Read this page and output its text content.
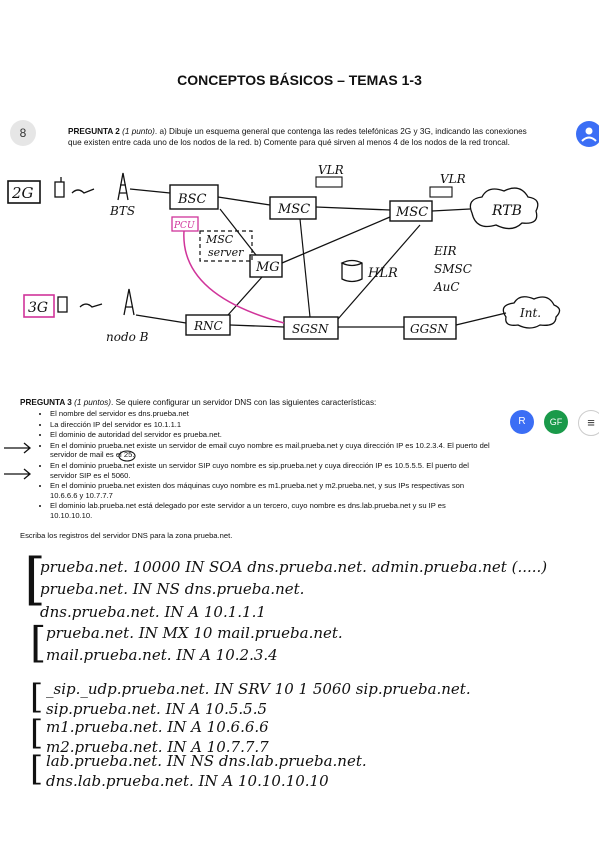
CONCEPTOS BÁSICOS – TEMAS 1-3
8	PREGUNTA 2 (1 punto). a) Dibuje un esquema general que contenga las redes telefónicas 2G y 3G, indicando las conexiones que existen entre cada uno de los nodos de la red. b) Comente para qué sirven al menos 4 de los nodos de la red troncal.
2G
BTS
BSC
PCU
MSC
VLR
MSC
VLR
RTB
MSC
server
MG	HLR
EIR
SMSC
AuC
3G
nodo B
RNC	SGSN	GGSN
Int.
R	GF	≡
PREGUNTA 3 (1 puntos). Se quiere configurar un servidor DNS con las siguientes características:
• El nombre del servidor es dns.prueba.net
• La dirección IP del servidor es 10.1.1.1
• El dominio de autoridad del servidor es prueba.net.
• En el dominio prueba.net existe un servidor de email cuyo nombre es mail.prueba.net y cuya dirección IP es 10.2.3.4. El puerto del servidor de mail es el 25.
• En el dominio prueba.net existe un servidor SIP cuyo nombre es sip.prueba.net y cuya dirección IP es 10.5.5.5. El puerto del servidor SIP es el 5060.
• En el dominio prueba.net existen dos máquinas cuyo nombre es m1.prueba.net y m2.prueba.net, y sus IPs respectivas son 10.6.6.6 y 10.7.7.7
• El dominio lab.prueba.net está delegado por este servidor a un tercero, cuyo nombre es dns.lab.prueba.net y su IP es 10.10.10.10.
Escriba los registros del servidor DNS para la zona prueba.net.
[
prueba.net. 10000 IN SOA dns.prueba.net. admin.prueba.net (.....)
prueba.net. IN NS dns.prueba.net.
dns.prueba.net. IN A 10.1.1.1
[ prueba.net. IN MX 10 mail.prueba.net.
mail.prueba.net. IN A 10.2.3.4
[ _sip._udp.prueba.net. IN SRV 10 1 5060 sip.prueba.net.
sip.prueba.net. IN A 10.5.5.5
[ m1.prueba.net. IN A 10.6.6.6
m2.prueba.net. IN A 10.7.7.7
[ lab.prueba.net. IN NS dns.lab.prueba.net.
dns.lab.prueba.net. IN A 10.10.10.10
